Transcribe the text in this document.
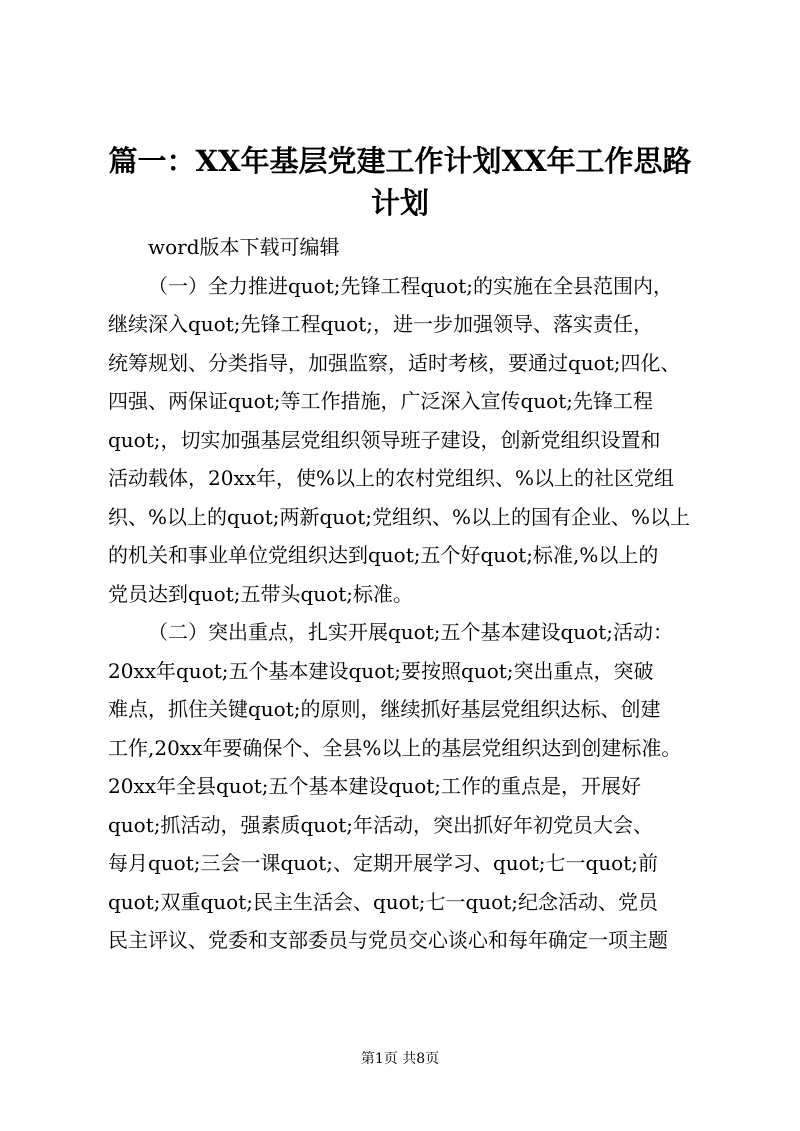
篇一：XX年基层党建工作计划XX年工作思路
计划
word版本下载可编辑
（一）全力推进quot;先锋工程quot;的实施在全县范围内，
继续深入quot;先锋工程quot;，进一步加强领导、落实责任，
统筹规划、分类指导，加强监察，适时考核，要通过quot;四化、
四强、两保证quot;等工作措施，广泛深入宣传quot;先锋工程
quot;，切实加强基层党组织领导班子建设，创新党组织设置和
活动载体，20xx年，使%以上的农村党组织、%以上的社区党组
织、%以上的quot;两新quot;党组织、%以上的国有企业、%以上
的机关和事业单位党组织达到quot;五个好quot;标准,%以上的
党员达到quot;五带头quot;标准。
（二）突出重点，扎实开展quot;五个基本建设quot;活动：
20xx年quot;五个基本建设quot;要按照quot;突出重点，突破
难点，抓住关键quot;的原则，继续抓好基层党组织达标、创建
工作,20xx年要确保个、全县%以上的基层党组织达到创建标准。
20xx年全县quot;五个基本建设quot;工作的重点是，开展好
quot;抓活动，强素质quot;年活动，突出抓好年初党员大会、
每月quot;三会一课quot;、定期开展学习、quot;七一quot;前
quot;双重quot;民主生活会、quot;七一quot;纪念活动、党员
民主评议、党委和支部委员与党员交心谈心和每年确定一项主题
第1页 共8页
